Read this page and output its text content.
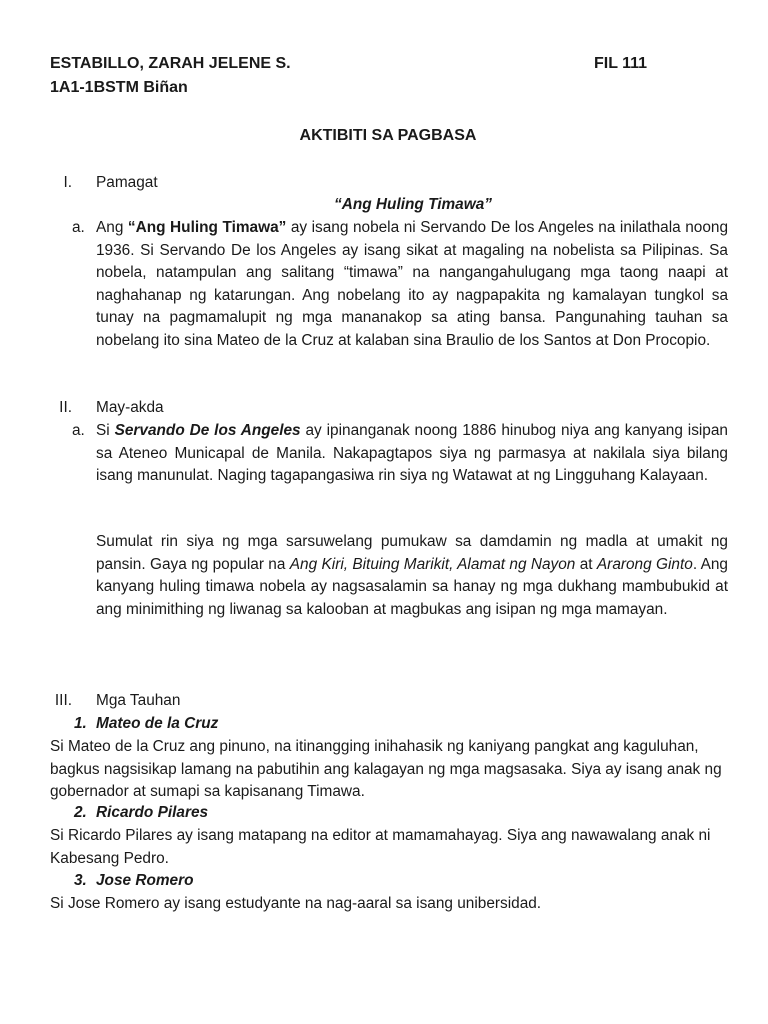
ESTABILLO, ZARAH JELENE S.	FIL 111
1A1-1BSTM Biñan
AKTIBITI SA PAGBASA
I. Pamagat
“Ang Huling Timawa”
a. Ang “Ang Huling Timawa” ay isang nobela ni Servando De los Angeles na inilathala noong 1936. Si Servando De los Angeles ay isang sikat at magaling na nobelista sa Pilipinas. Sa nobela, natampulan ang salitang “timawa” na nangangahulugang mga taong naapi at naghahanap ng katarungan. Ang nobelang ito ay nagpapakita ng kamalayan tungkol sa tunay na pagmamalupit ng mga mananakop sa ating bansa. Pangunahing tauhan sa nobelang ito sina Mateo de la Cruz at kalaban sina Braulio de los Santos at Don Procopio.

II. May-akda
a. Si Servando De los Angeles ay ipinanganak noong 1886 hinubog niya ang kanyang isipan sa Ateneo Municapal de Manila. Nakapagtapos siya ng parmasya at nakilala siya bilang isang manunulat. Naging tagapangasiwa rin siya ng Watawat at ng Lingguhang Kalayaan.

Sumulat rin siya ng mga sarsuwelang pumukaw sa damdamin ng madla at umakit ng pansin. Gaya ng popular na Ang Kiri, Bituing Marikit, Alamat ng Nayon at Ararong Ginto. Ang kanyang huling timawa nobela ay nagsasalamin sa hanay ng mga dukhang mambubukid at ang minimithing ng liwanag sa kalooban at magbukas ang isipan ng mga mamayan.

III. Mga Tauhan
1. Mateo de la Cruz

Si Mateo de la Cruz ang pinuno, na itinangging inihahasik ng kaniyang pangkat ang kaguluhan, bagkus nagsisikap lamang na pabutihin ang kalagayan ng mga magsasaka. Siya ay isang anak ng gobernador at sumapi sa kapisanang Timawa.

2. Ricardo Pilares

Si Ricardo Pilares ay isang matapang na editor at mamamahayag. Siya ang nawawalang anak ni Kabesang Pedro.

3. Jose Romero

Si Jose Romero ay isang estudyante na nag-aaral sa isang unibersidad.
